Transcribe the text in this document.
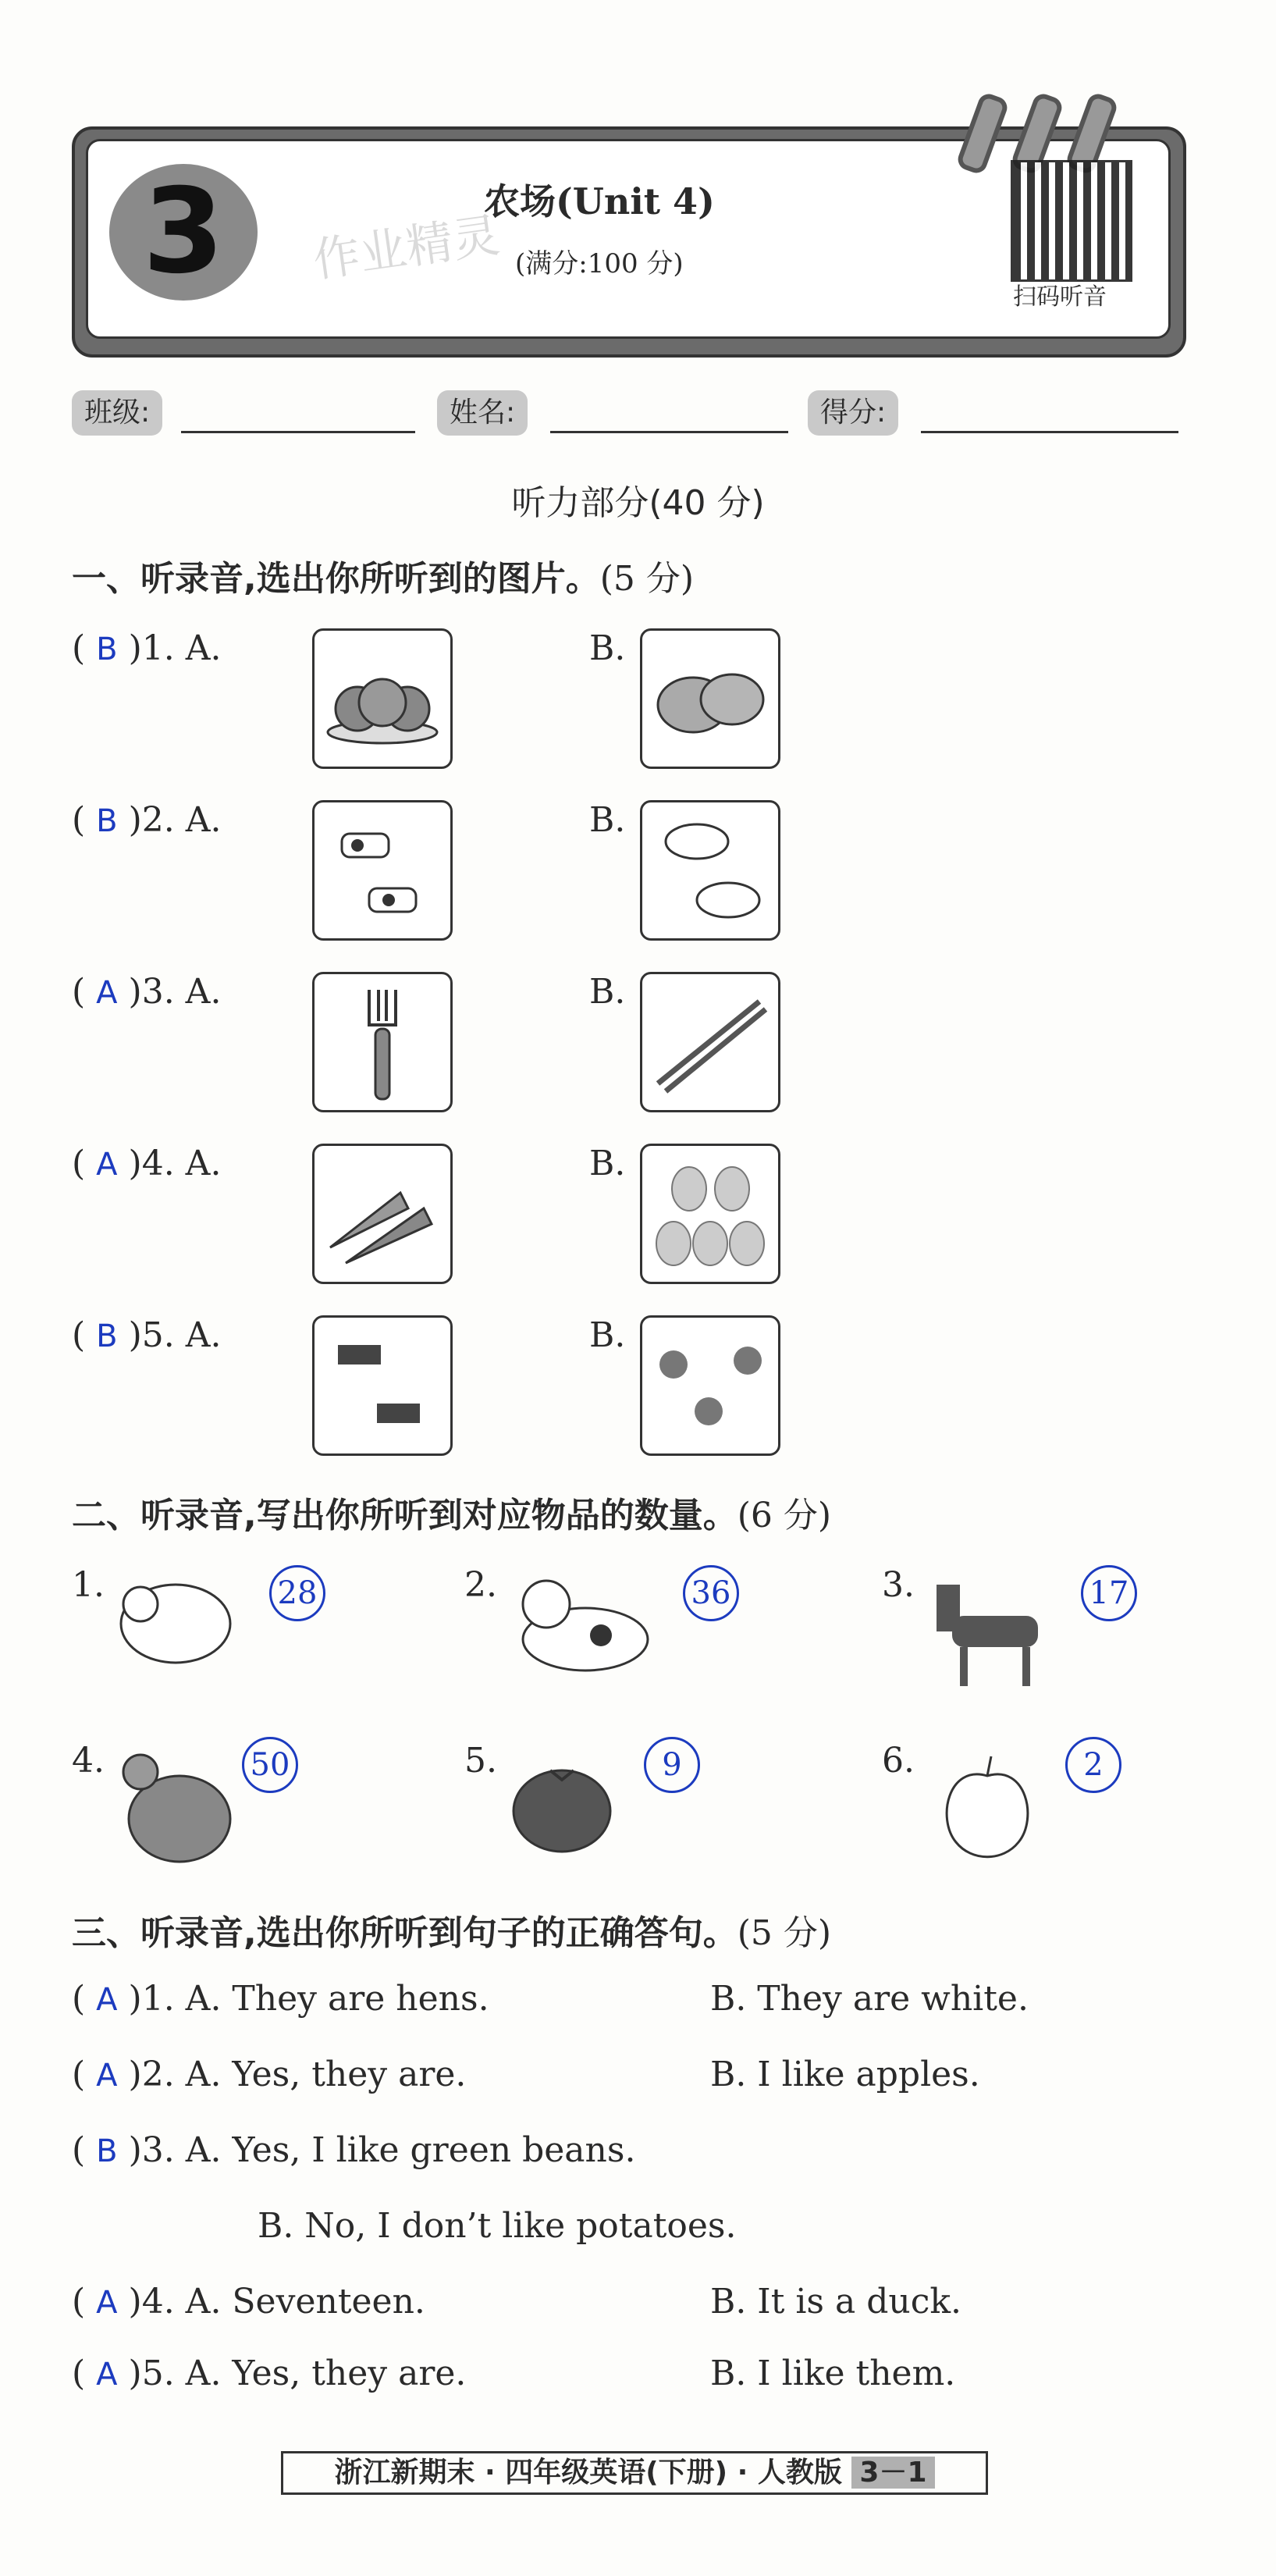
3	作业精灵
农场(Unit 4)
(满分:100 分)
扫码听音
班级:	姓名:	得分:
听力部分(40 分)
一、听录音,选出你所听到的图片。(5 分)
( B )1. A.	B.
( B )2. A.	B.
( A )3. A.	B.
( A )4. A.	B.
( B )5. A.	B.
二、听录音,写出你所听到对应物品的数量。(6 分)
1.	28	2.	36	3.	17
4.	50	5.	9	6.	2
三、听录音,选出你所听到句子的正确答句。(5 分)
( A )1. A. They are hens.	B. They are white.
( A )2. A. Yes, they are.	B. I like apples.
( B )3. A. Yes, I like green beans.
B. No, I don’t like potatoes.
( A )4. A. Seventeen.	B. It is a duck.
( A )5. A. Yes, they are.	B. I like them.
浙江新期末 · 四年级英语(下册) · 人教版 3－1
